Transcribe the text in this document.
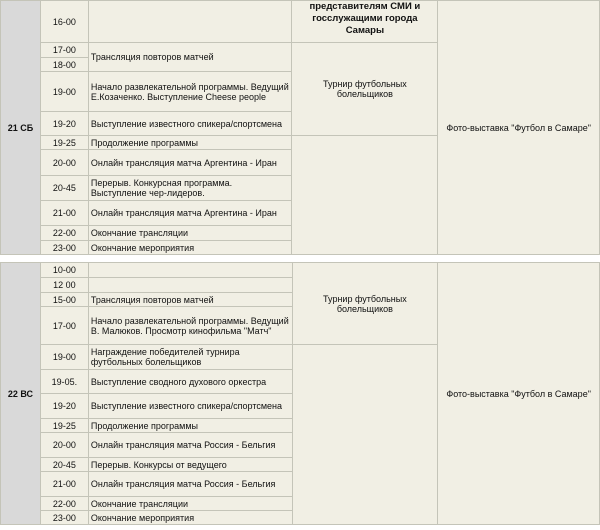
21 СБ	16-00		представителям СМИ и госслужащими города Самары	Фото-выставка "Футбол в Самаре"
	17-00	Трансляция повторов матчей	Турнир футбольных болельщиков	
	18-00			
	19-00	Начало развлекательной программы. Ведущий Е.Козаченко. Выступление Cheese people		
	19-20	Выступление известного спикера/спортсмена		
	19-25	Продолжение программы		
	20-00	Онлайн трансляция матча Аргентина - Иран		
	20-45	Перерыв. Конкурсная программа. Выступление чер-лидеров.		
	21-00	Онлайн трансляция матча Аргентина - Иран		
	22-00	Окончание трансляции		
	23-00	Окончание мероприятия		
22 ВС	10-00		Турнир футбольных болельщиков	Фото-выставка "Футбол в Самаре"
	12 00			
	15-00	Трансляция повторов матчей		
	17-00	Начало развлекательной программы. Ведущий В. Малюков. Просмотр кинофильма "Матч"		
	19-00	Награждение победителей турнира футбольных болельщиков		
	19-05.	Выступление сводного духового оркестра		
	19-20	Выступление известного спикера/спортсмена		
	19-25	Продолжение программы		
	20-00	Онлайн трансляция матча Россия - Бельгия		
	20-45	Перерыв. Конкурсы от ведущего		
	21-00	Онлайн трансляция матча Россия - Бельгия		
	22-00	Окончание трансляции		
	23-00	Окончание мероприятия		
